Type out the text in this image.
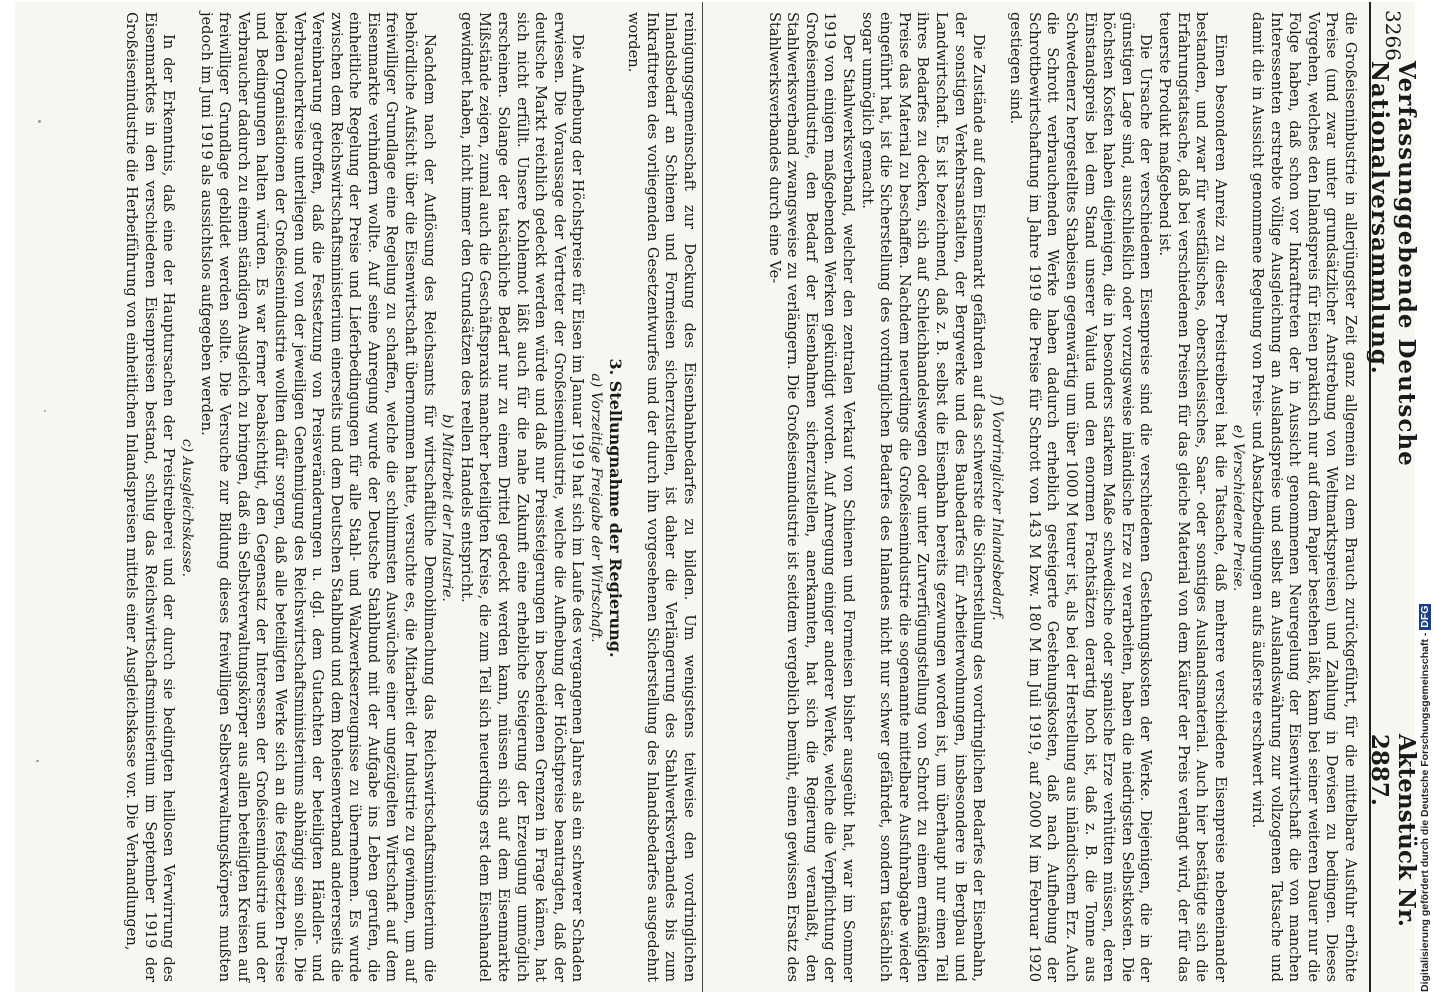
3266
Verfassunggebende Deutsche Nationalversammlung.
Aktenstück Nr. 2887.

die Großeiseninbustrie in allerjüngster Zeit ganz allgemein zu dem Brauch zurückgeführt, für die mittelbare Ausfuhr erhöhte Preise (und zwar unter grundsätzlicher Anstrebung von Weltmarktspreisen) und Zahlung in Devisen zu bedingen. Dieses Vorgehen, welches den Inlandspreis für Eisen praktisch nur auf dem Papier bestehen läßt, kann bei seiner weiteren Dauer nur die Folge haben, daß schon vor Inkrafttreten der in Aussicht genommenen Neuregelung der Eisenwirtschaft die von manchen Interessenten erstrebte völlige Ausgleichung an Auslandspreise und selbst an Auslandswährung zur vollzogenen Tatsache und damit die in Aussicht genommene Regelung von Preis- und Absatzbedingungen aufs äußerste erschwert wird.

e) Verschiedene Preise.

Einen besonderen Anreiz zu dieser Preistreiberei hat die Tatsache, daß mehrere verschiedene Eisenpreise nebeneinander bestanden, und zwar für westfälisches, oberschlesisches, Saar- oder sonstiges Auslandsmaterial. Auch hier bestätigte sich die Erfahrungstatsache, daß bei verschiedenen Preisen für das gleiche Material von dem Käufer der Preis verlangt wird, der für das teuerste Produkt maßgebend ist.

Die Ursache der verschiedenen Eisenpreise sind die verschiedenen Gestehungskosten der Werke. Diejenigen, die in der günstigen Lage sind, ausschließlich oder vorzugsweise inländische Erze zu verarbeiten, haben die niedrigsten Selbstkosten. Die höchsten Kosten haben diejenigen, die in besonders starkem Maße schwedische oder spanische Erze verhütten müssen, deren Einstandspreis bei dem Stand unserer Valuta und den enormen Frachtsätzen derartig hoch ist, daß z. B. die Tonne aus Schwedenerz hergestelltes Stabeisen gegenwärtig um über 1000 M teurer ist, als bei der Herstellung aus inländischem Erz. Auch die Schrott verbrauchenden Werke haben dadurch erheblich gesteigerte Gestehungskosten, daß nach Aufhebung der Schrottbewirtschaftung im Jahre 1919 die Preise für Schrott von 143 M bzw. 180 M im Juli 1919, auf 2000 M im Februar 1920 gestiegen sind.

f) Vordringlicher Inlandsbedarf.

Die Zustände auf dem Eisenmarkt gefährden auf das schwerste die Sicherstellung des vordringlichen Bedarfes der Eisenbahn, der sonstigen Verkehrsanstalten, der Bergwerke und des Baubedarfes für Arbeiterwohnungen, insbesondere in Bergbau und Landwirtschaft. Es ist bezeichnend, daß z. B. selbst die Eisenbahn bereits gezwungen worden ist, um überhaupt nur einen Teil ihres Bedarfes zu decken, sich auf Schleichhandelswegen oder unter Zurverfügungstellung von Schrott zu einem ermäßigten Preise das Material zu beschaffen. Nachdem neuerdings die Großeisenindustrie die sogenannte mittelbare Ausfuhrabgabe wieder eingeführt hat, ist die Sicherstellung des vordringlichen Bedarfes des Inlandes nicht nur schwer gefährdet, sondern tatsächlich sogar unmöglich gemacht.

Der Stahlwerksverband, welcher den zentralen Verkauf von Schienen und Formeisen bisher ausgeübt hat, war im Sommer 1919 von einigen maßgebenden Werken gekündigt worden. Auf Anregung einiger anderer Werke, welche die Verpflichtung der Großeisenindustrie, den Bedarf der Eisenbahnen sicherzustellen, anerkannten, hat sich die Regierung veranlaßt, den Stahlwerksverband zwangsweise zu verlängern. Die Großeisenindustrie ist seitdem vergeblich bemüht, einen gewissen Ersatz des Stahlwerksverbandes durch eine Ve-

reinigungsgemeinschaft zur Deckung des Eisenbahnbedarfes zu bilden. Um wenigstens teilweise den vordringlichen Inlandsbedarf an Schienen und Formeisen sicherzustellen, ist daher die Verlängerung des Stahlwerksverbandes bis zum Inkrafttreten des vorliegenden Gesetzentwurfes und der durch ihn vorgesehenen Sicherstellung des Inlandsbedarfes ausgedehnt worden.

3. Stellungnahme der Regierung.

a) Vorzeitige Freigabe der Wirtschaft.

Die Aufhebung der Höchstpreise für Eisen im Januar 1919 hat sich im Laufe des vergangenen Jahres als ein schwerer Schaden erwiesen. Die Voraussage der Vertreter der Großeisenindustrie, welche die Aufhebung der Höchstpreise beantragten, daß der deutsche Markt reichlich gedeckt werden würde und daß nur Preissteigerungen in bescheidenen Grenzen in Frage kämen, hat sich nicht erfüllt. Unsere Kohlennot läßt auch für die nahe Zukunft eine erhebliche Steigerung der Erzeugung unmöglich erscheinen. Solange der tatsächliche Bedarf nur zu einem Drittel gedeckt werden kann, müssen sich auf dem Eisenmarkte Mißstände zeigen, zumal auch die Geschäftspraxis mancher beteiligten Kreise, die zum Teil sich neuerdings erst dem Eisenhandel gewidmet haben, nicht immer den Grundsätzen des reellen Handels entspricht.

b) Mitarbeit der Industrie.

Nachdem nach der Auflösung des Reichsamts für wirtschaftliche Demobilmachung das Reichswirtschaftsministerium die behördliche Aufsicht über die Eisenwirtschaft übernommen hatte, versuchte es, die Mitarbeit der Industrie zu gewinnen, um auf freiwilliger Grundlage eine Regelung zu schaffen, welche die schlimmsten Auswüchse einer ungezügelten Wirtschaft auf dem Eisenmarkte verhindern wollte. Auf seine Anregung wurde der Deutsche Stahlbund mit der Aufgabe ins Leben gerufen, die einheitliche Regelung der Preise und Lieferbedingungen für alle Stahl- und Walzwerkserzeugnisse zu übernehmen. Es wurde zwischen dem Reichswirtschaftsministerium einerseits und dem Deutschen Stahlbund und dem Roheisenverband andererseits die Vereinbarung getroffen, daß die Festsetzung von Preisveränderungen u. dgl. dem Gutachten der beteiligten Händler- und Verbraucherkreise unterliegen und von der jeweiligen Genehmigung des Reichswirtschaftsministeriums abhängig sein solle. Die beiden Organisationen der Großeisenindustrie wollten dafür sorgen, daß alle beteiligten Werke sich an die festgesetzten Preise und Bedingungen halten würden. Es war ferner beabsichtigt, den Gegensatz der Interessen der Großeisenindustrie und der Verbraucher dadurch zu einem ständigen Ausgleich zu bringen, daß ein Selbstverwaltungskörper aus allen beteiligten Kreisen auf freiwilliger Grundlage gebildet werden sollte. Die Versuche zur Bildung dieses freiwilligen Selbstverwaltungskörpers mußten jedoch im Juni 1919 als aussichtslos aufgegeben werden.

c) Ausgleichskasse.

In der Erkenntnis, daß eine der Hauptursachen der Preistreiberei und der durch sie bedingten heillosen Verwirrung des Eisenmarktes in den verschiedenen Eisenpreisen bestand, schlug das Reichswirtschaftsministerium im September 1919 der Großeisenindustrie die Herbeiführung von einheitlichen Inlandspreisen mittels einer Ausgleichskasse vor. Die Verhandlungen,	Digitalisierung gefördert durch die Deutsche Forschungsgemeinschaft - DFG
